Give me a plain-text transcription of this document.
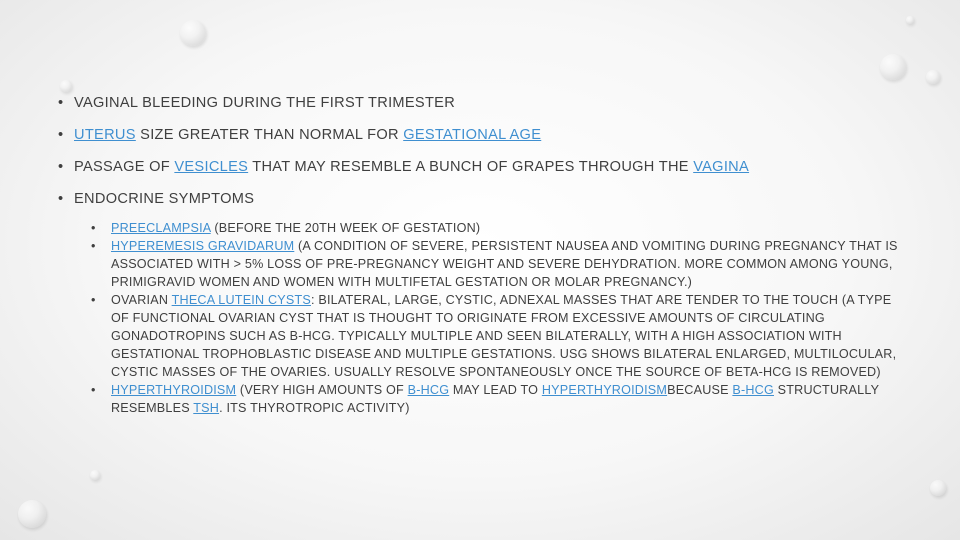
• VAGINAL BLEEDING DURING THE FIRST TRIMESTER
• UTERUS SIZE GREATER THAN NORMAL FOR GESTATIONAL AGE
• PASSAGE OF VESICLES THAT MAY RESEMBLE A BUNCH OF GRAPES THROUGH THE VAGINA
• ENDOCRINE SYMPTOMS
• PREECLAMPSIA (BEFORE THE 20TH WEEK OF GESTATION)
• HYPEREMESIS GRAVIDARUM (A CONDITION OF SEVERE, PERSISTENT NAUSEA AND VOMITING DURING PREGNANCY THAT IS ASSOCIATED WITH > 5% LOSS OF PRE-PREGNANCY WEIGHT AND SEVERE DEHYDRATION. MORE COMMON AMONG YOUNG, PRIMIGRAVID WOMEN AND WOMEN WITH MULTIFETAL GESTATION OR MOLAR PREGNANCY.)
• OVARIAN THECA LUTEIN CYSTS: BILATERAL, LARGE, CYSTIC, ADNEXAL MASSES THAT ARE TENDER TO THE TOUCH (A TYPE OF FUNCTIONAL OVARIAN CYST THAT IS THOUGHT TO ORIGINATE FROM EXCESSIVE AMOUNTS OF CIRCULATING GONADOTROPINS SUCH AS B-HCG. TYPICALLY MULTIPLE AND SEEN BILATERALLY, WITH A HIGH ASSOCIATION WITH GESTATIONAL TROPHOBLASTIC DISEASE AND MULTIPLE GESTATIONS. USG SHOWS BILATERAL ENLARGED, MULTILOCULAR, CYSTIC MASSES OF THE OVARIES. USUALLY RESOLVE SPONTANEOUSLY ONCE THE SOURCE OF BETA-HCG IS REMOVED)
• HYPERTHYROIDISM (VERY HIGH AMOUNTS OF B-HCG MAY LEAD TO HYPERTHYROIDISMBECAUSE B-HCG STRUCTURALLY RESEMBLES TSH. ITS THYROTROPIC ACTIVITY)
